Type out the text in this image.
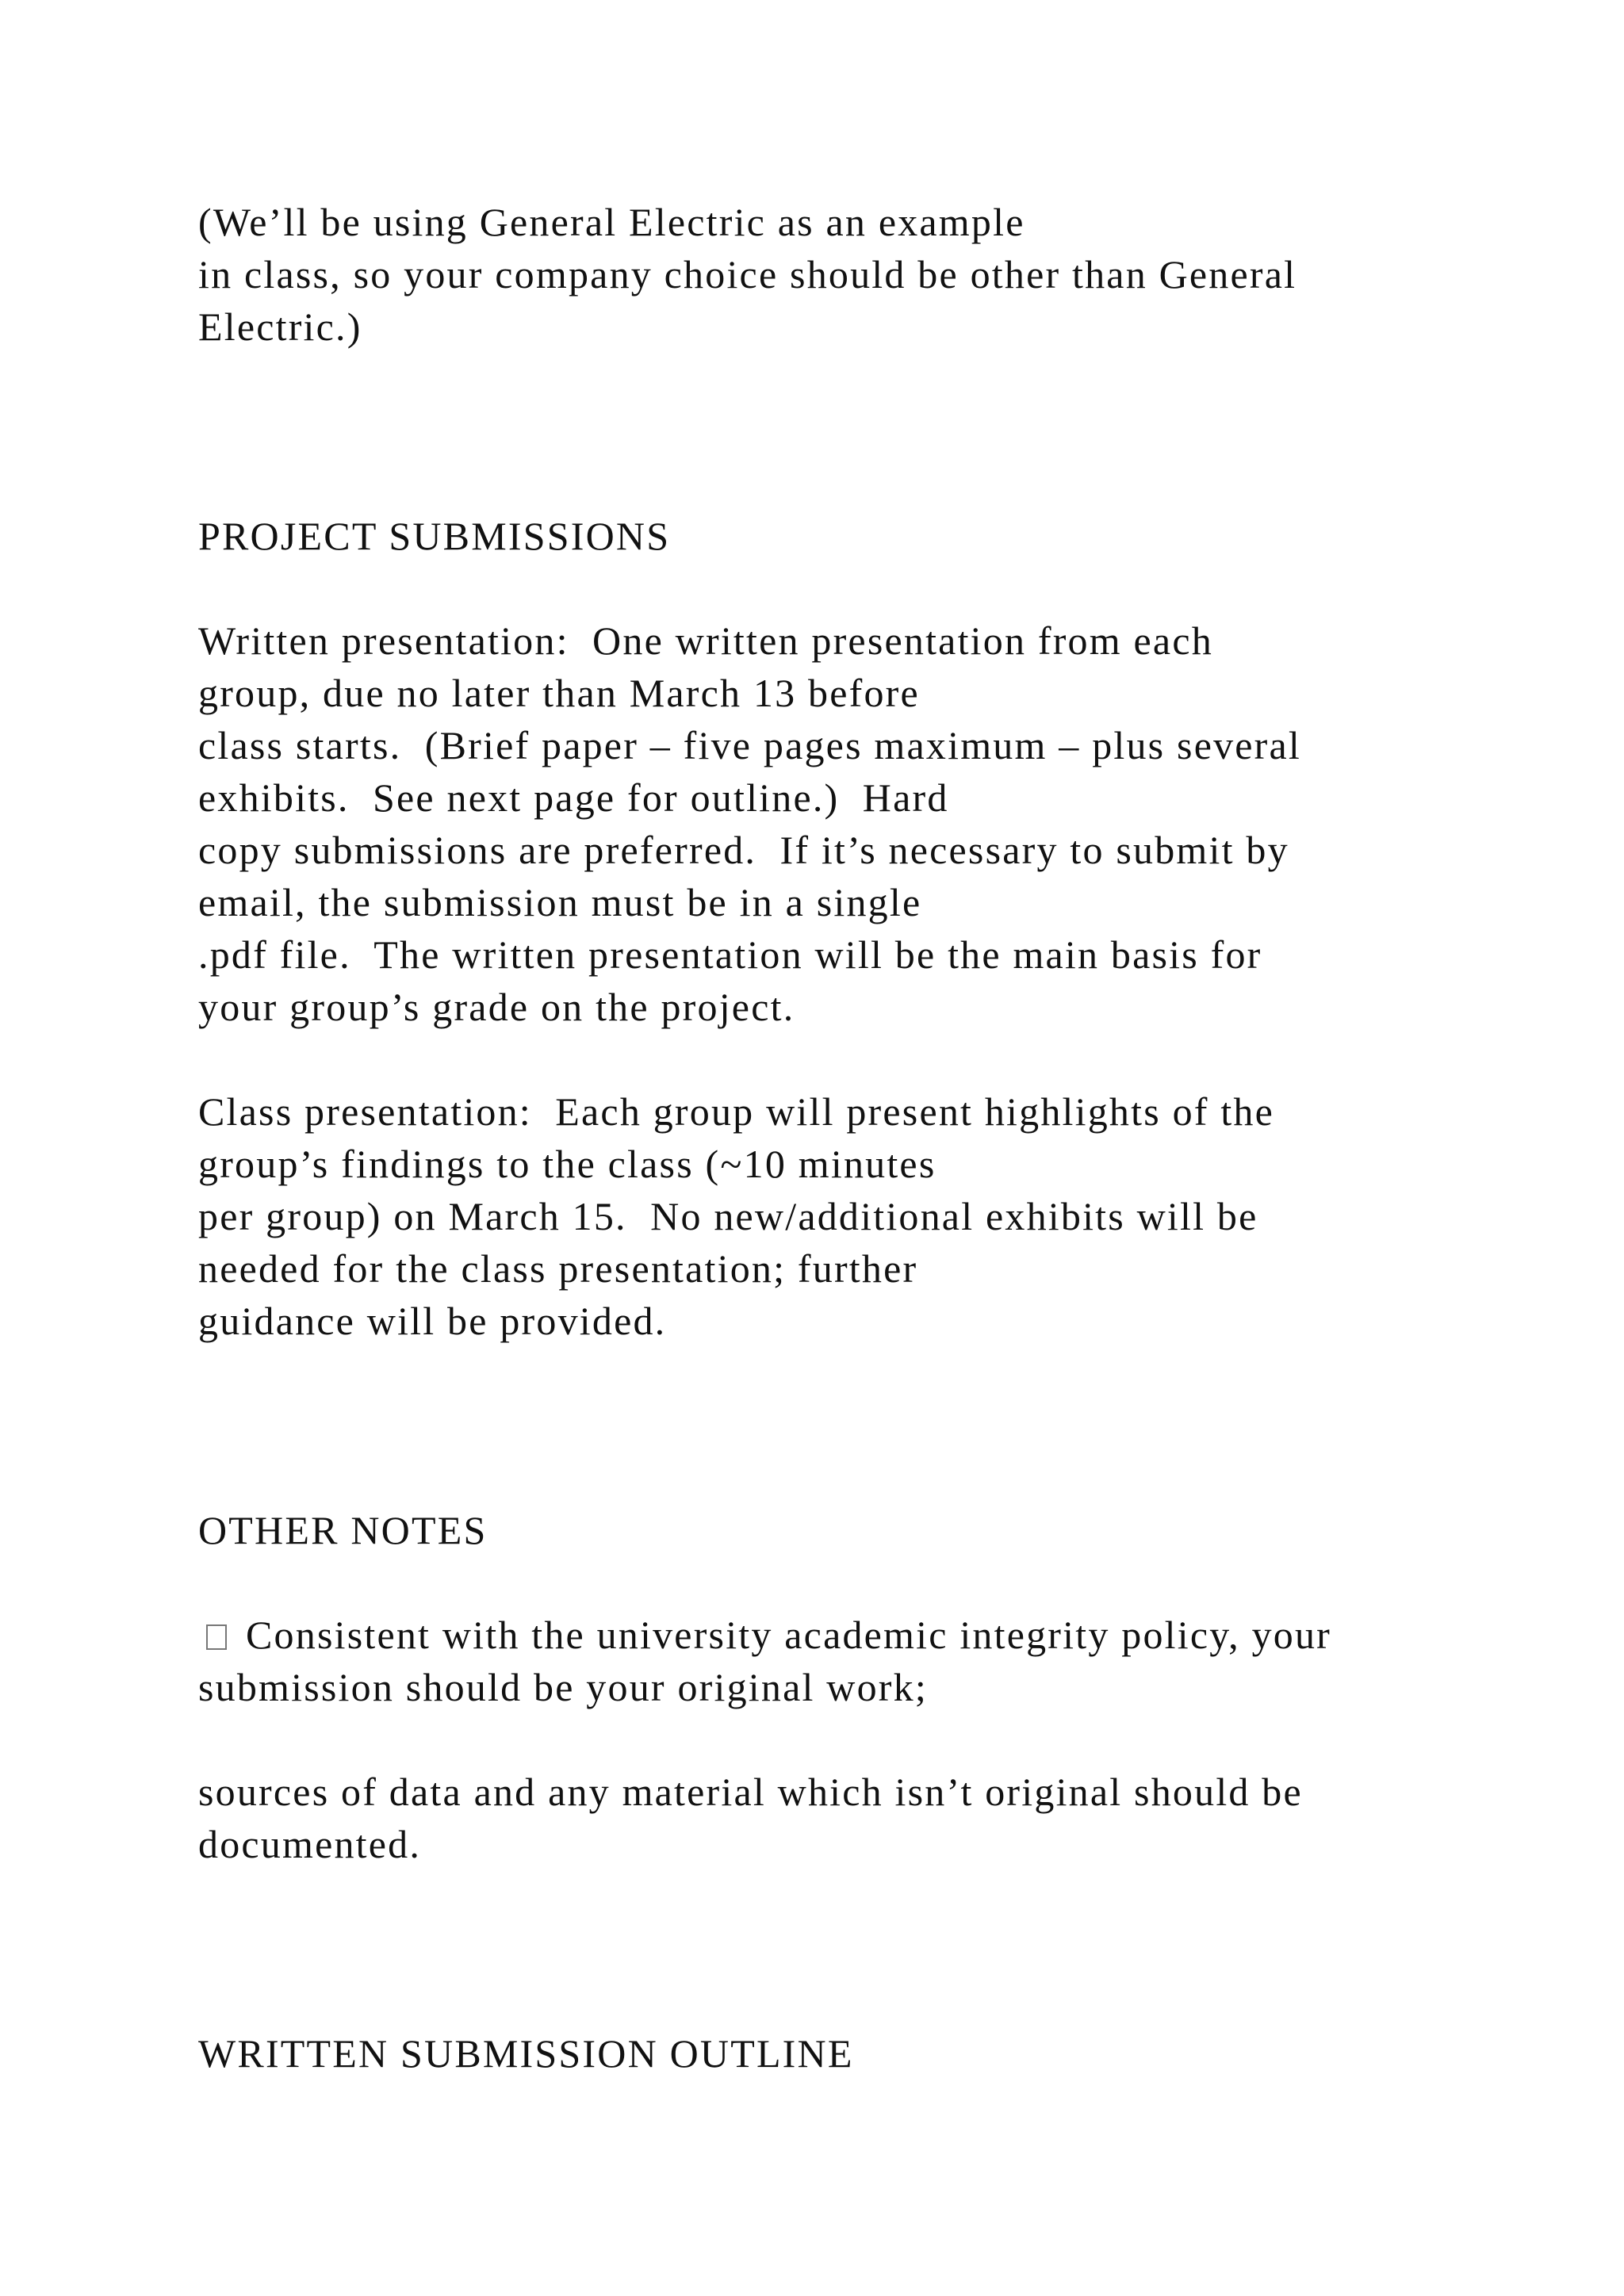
(We’ll be using General Electric as an example
in class, so your company choice should be other than General
Electric.)
PROJECT SUBMISSIONS
Written presentation:  One written presentation from each
group, due no later than March 13 before
class starts.  (Brief paper – five pages maximum – plus several
exhibits.  See next page for outline.)  Hard
copy submissions are preferred.  If it’s necessary to submit by
email, the submission must be in a single
.pdf file.  The written presentation will be the main basis for
your group’s grade on the project.
Class presentation:  Each group will present highlights of the
group’s findings to the class (~10 minutes
per group) on March 15.  No new/additional exhibits will be
needed for the class presentation; further
guidance will be provided.
OTHER NOTES
Consistent with the university academic integrity policy, your
submission should be your original work;
sources of data and any material which isn’t original should be
documented.
WRITTEN SUBMISSION OUTLINE
